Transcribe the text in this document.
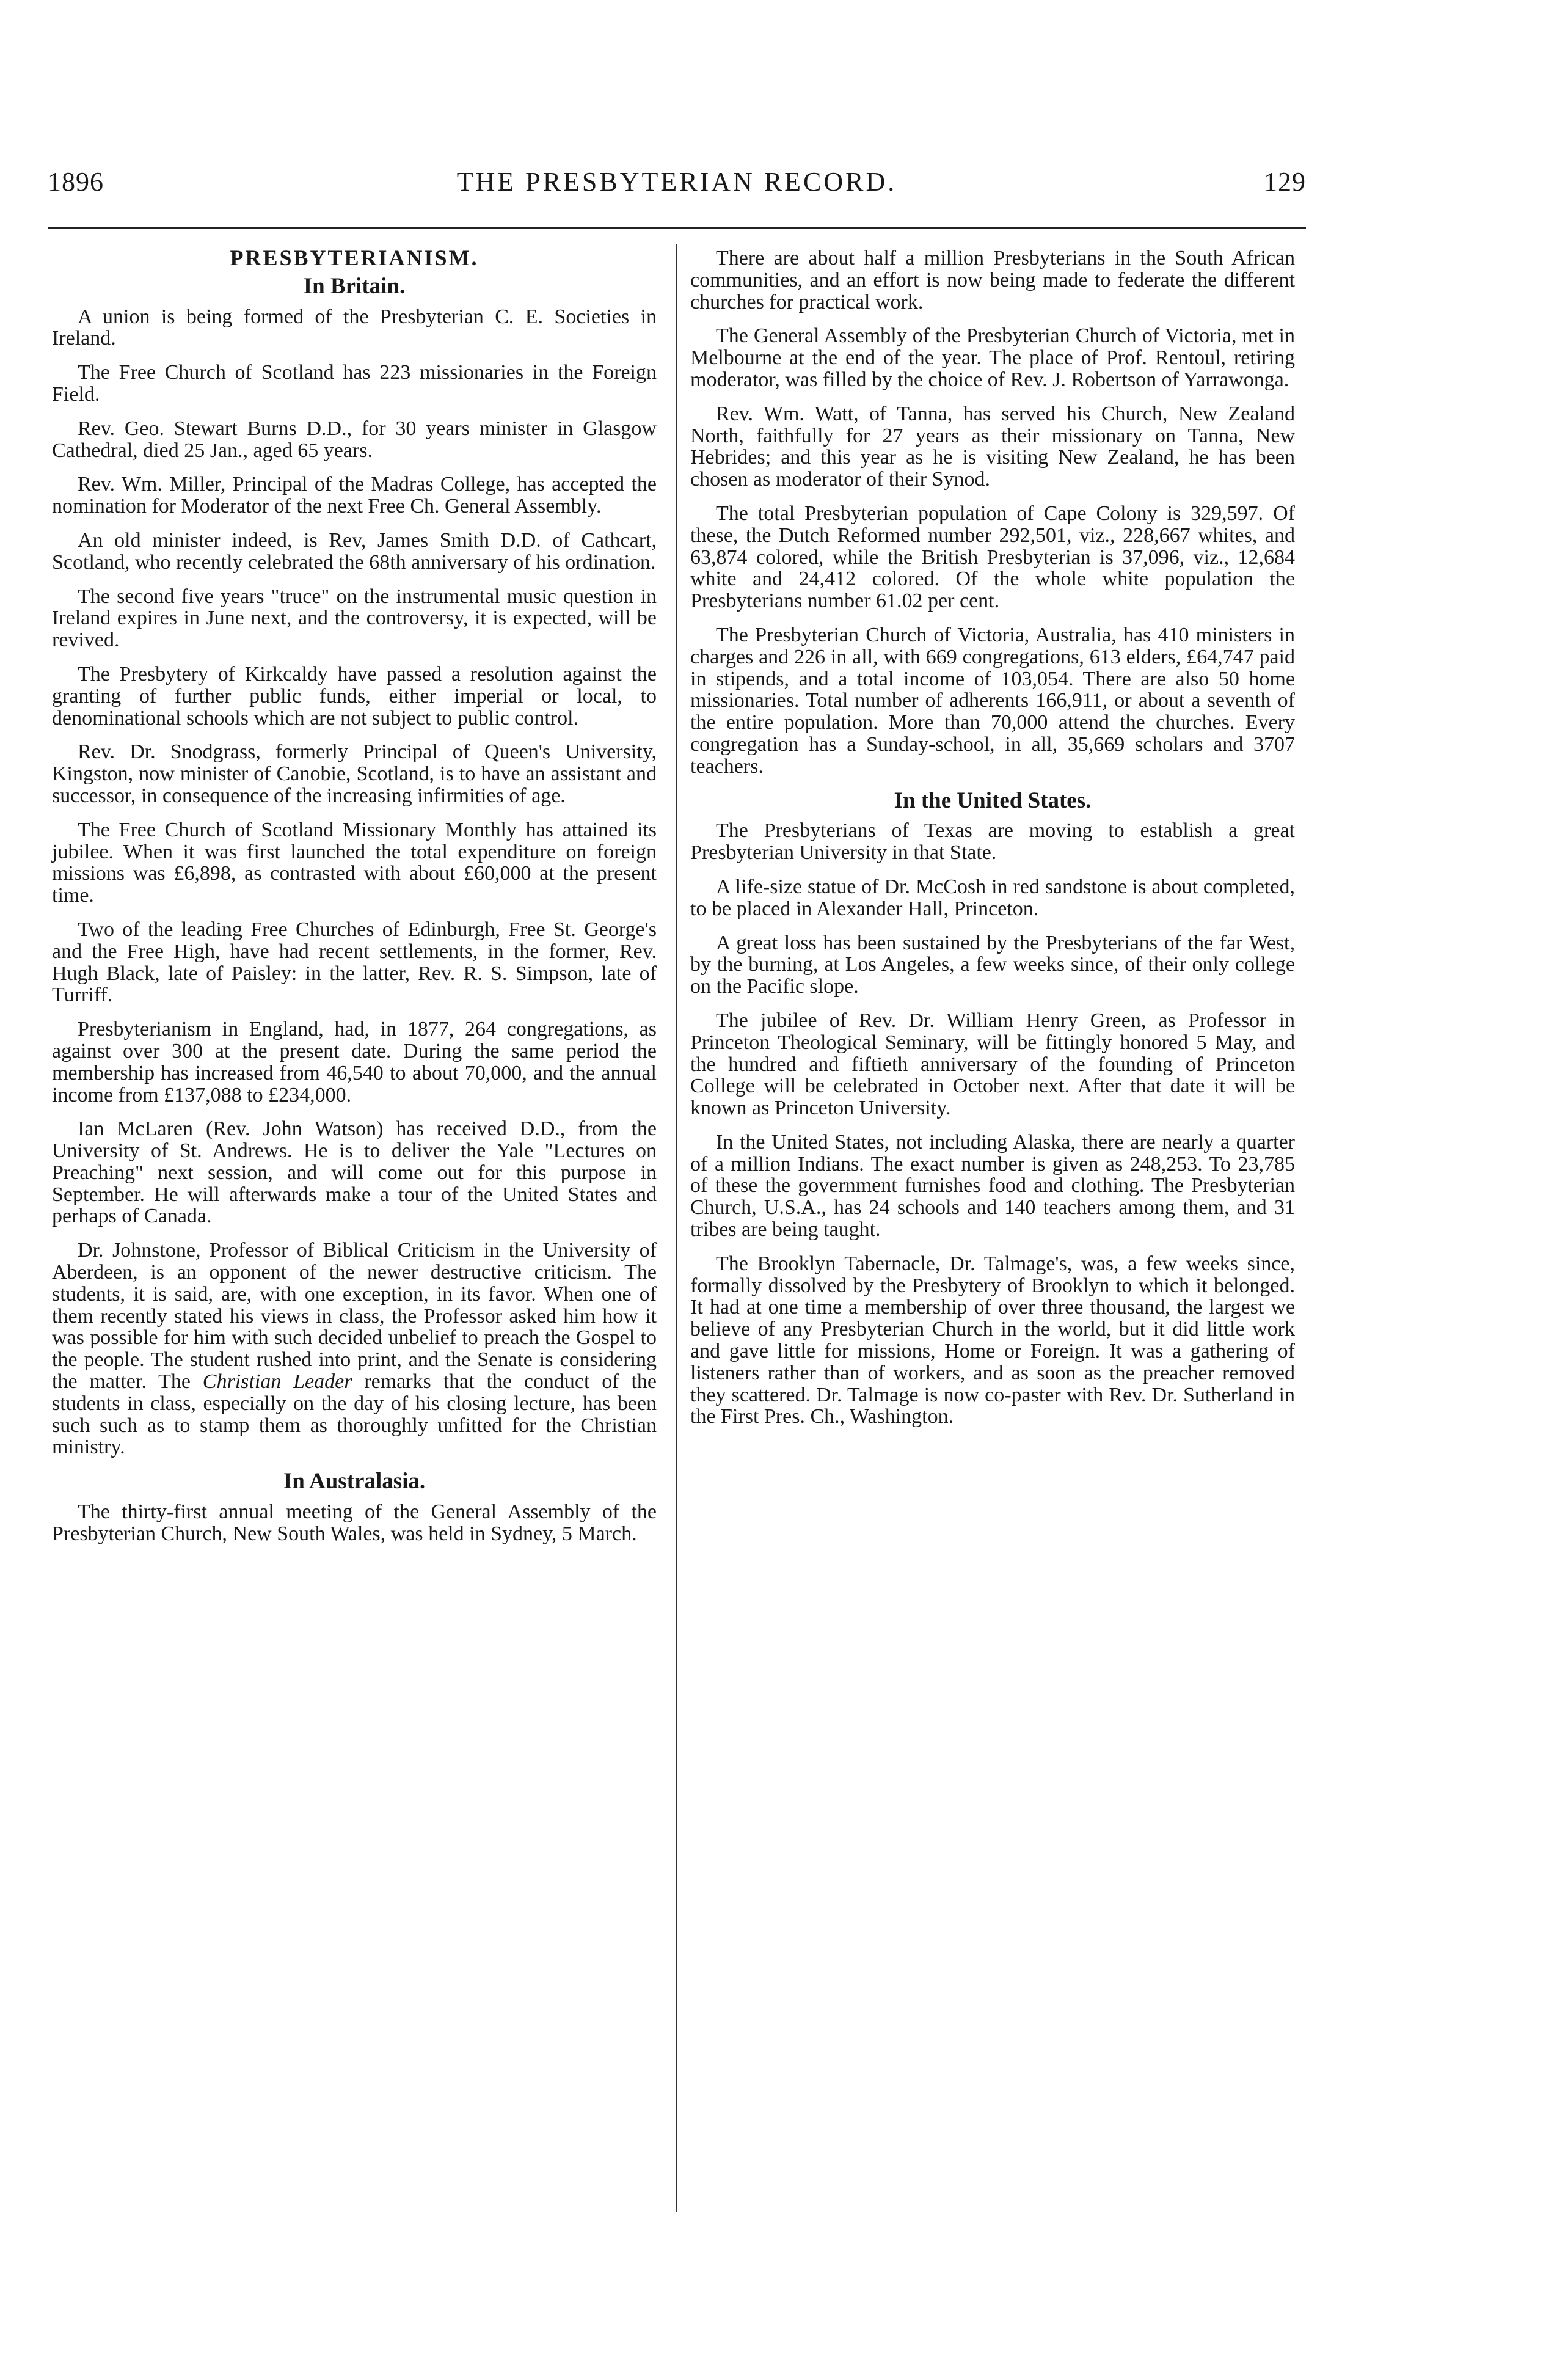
1896	THE PRESBYTERIAN RECORD.	129
PRESBYTERIANISM.
In Britain.

A union is being formed of the Presbyterian C. E. Societies in Ireland.

The Free Church of Scotland has 223 missionaries in the Foreign Field.

Rev. Geo. Stewart Burns D.D., for 30 years minister in Glasgow Cathedral, died 25 Jan., aged 65 years.

Rev. Wm. Miller, Principal of the Madras College, has accepted the nomination for Moderator of the next Free Ch. General Assembly.

An old minister indeed, is Rev, James Smith D.D. of Cathcart, Scotland, who recently celebrated the 68th anniversary of his ordination.

The second five years "truce" on the instrumental music question in Ireland expires in June next, and the controversy, it is expected, will be revived.

The Presbytery of Kirkcaldy have passed a resolution against the granting of further public funds, either imperial or local, to denominational schools which are not subject to public control.

Rev. Dr. Snodgrass, formerly Principal of Queen's University, Kingston, now minister of Canobie, Scotland, is to have an assistant and successor, in consequence of the increasing infirmities of age.

The Free Church of Scotland Missionary Monthly has attained its jubilee. When it was first launched the total expenditure on foreign missions was £6,898, as contrasted with about £60,000 at the present time.

Two of the leading Free Churches of Edinburgh, Free St. George's and the Free High, have had recent settlements, in the former, Rev. Hugh Black, late of Paisley: in the latter, Rev. R. S. Simpson, late of Turriff.

Presbyterianism in England, had, in 1877, 264 congregations, as against over 300 at the present date. During the same period the membership has increased from 46,540 to about 70,000, and the annual income from £137,088 to £234,000.

Ian McLaren (Rev. John Watson) has received D.D., from the University of St. Andrews. He is to deliver the Yale "Lectures on Preaching" next session, and will come out for this purpose in September. He will afterwards make a tour of the United States and perhaps of Canada.

Dr. Johnstone, Professor of Biblical Criticism in the University of Aberdeen, is an opponent of the newer destructive criticism. The students, it is said, are, with one exception, in its favor. When one of them recently stated his views in class, the Professor asked him how it was possible for him with such decided unbelief to preach the Gospel to the people. The student rushed into print, and the Senate is considering the matter. The Christian Leader remarks that the conduct of the students in class, especially on the day of his closing lecture, has been such such as to stamp them as thoroughly unfitted for the Christian ministry.

In Australasia.

The thirty-first annual meeting of the General Assembly of the Presbyterian Church, New South Wales, was held in Sydney, 5 March.

There are about half a million Presbyterians in the South African communities, and an effort is now being made to federate the different churches for practical work.

The General Assembly of the Presbyterian Church of Victoria, met in Melbourne at the end of the year. The place of Prof. Rentoul, retiring moderator, was filled by the choice of Rev. J. Robertson of Yarrawonga.

Rev. Wm. Watt, of Tanna, has served his Church, New Zealand North, faithfully for 27 years as their missionary on Tanna, New Hebrides; and this year as he is visiting New Zealand, he has been chosen as moderator of their Synod.

The total Presbyterian population of Cape Colony is 329,597. Of these, the Dutch Reformed number 292,501, viz., 228,667 whites, and 63,874 colored, while the British Presbyterian is 37,096, viz., 12,684 white and 24,412 colored. Of the whole white population the Presbyterians number 61.02 per cent.

The Presbyterian Church of Victoria, Australia, has 410 ministers in charges and 226 in all, with 669 congregations, 613 elders, £64,747 paid in stipends, and a total income of 103,054. There are also 50 home missionaries. Total number of adherents 166,911, or about a seventh of the entire population. More than 70,000 attend the churches. Every congregation has a Sunday-school, in all, 35,669 scholars and 3707 teachers.

In the United States.

The Presbyterians of Texas are moving to establish a great Presbyterian University in that State.

A life-size statue of Dr. McCosh in red sandstone is about completed, to be placed in Alexander Hall, Princeton.

A great loss has been sustained by the Presbyterians of the far West, by the burning, at Los Angeles, a few weeks since, of their only college on the Pacific slope.

The jubilee of Rev. Dr. William Henry Green, as Professor in Princeton Theological Seminary, will be fittingly honored 5 May, and the hundred and fiftieth anniversary of the founding of Princeton College will be celebrated in October next. After that date it will be known as Princeton University.

In the United States, not including Alaska, there are nearly a quarter of a million Indians. The exact number is given as 248,253. To 23,785 of these the government furnishes food and clothing. The Presbyterian Church, U.S.A., has 24 schools and 140 teachers among them, and 31 tribes are being taught.

The Brooklyn Tabernacle, Dr. Talmage's, was, a few weeks since, formally dissolved by the Presbytery of Brooklyn to which it belonged. It had at one time a membership of over three thousand, the largest we believe of any Presbyterian Church in the world, but it did little work and gave little for missions, Home or Foreign. It was a gathering of listeners rather than of workers, and as soon as the preacher removed they scattered. Dr. Talmage is now co-paster with Rev. Dr. Sutherland in the First Pres. Ch., Washington.
